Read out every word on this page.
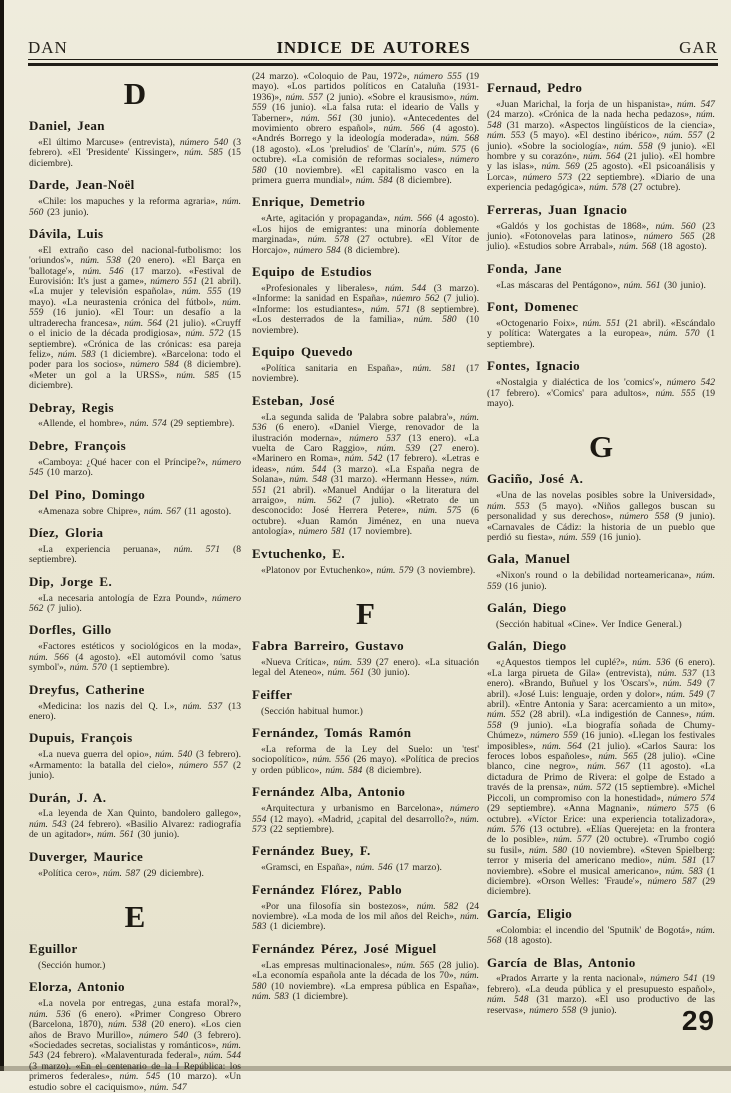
DAN	INDICE DE AUTORES	GAR
D
Daniel, Jean

«El último Marcuse» (entrevista), número 540 (3 febrero). «El 'Presidente' Kissinger», núm. 585 (15 diciembre).

Darde, Jean-Noël

«Chile: los mapuches y la reforma agraria», núm. 560 (23 junio).

Dávila, Luis

«El extraño caso del nacional-futbolismo: los 'oriundos'», núm. 538 (20 enero). «El Barça en 'ballotage'», núm. 546 (17 marzo). «Festival de Eurovisión: It's just a game», número 551 (21 abril). «La mujer y televisión española», núm. 555 (19 mayo). «La neurastenia crónica del fútbol», núm. 559 (16 junio). «El Tour: un desafío a la ultraderecha francesa», núm. 564 (21 julio). «Cruyff o el inicio de la década prodigiosa», núm. 572 (15 septiembre). «Crónica de las crónicas: esa pareja feliz», núm. 583 (1 diciembre). «Barcelona: todo el poder para los socios», número 584 (8 diciembre). «Meter un gol a la URSS», núm. 585 (15 diciembre).

Debray, Regis

«Allende, el hombre», núm. 574 (29 septiembre).

Debre, François

«Camboya: ¿Qué hacer con el Príncipe?», número 545 (10 marzo).

Del Pino, Domingo

«Amenaza sobre Chipre», núm. 567 (11 agosto).

Díez, Gloria

«La experiencia peruana», núm. 571 (8 septiembre).

Dip, Jorge E.

«La necesaria antología de Ezra Pound», número 562 (7 julio).

Dorfles, Gillo

«Factores estéticos y sociológicos en la moda», núm. 566 (4 agosto). «El automóvil como 'satus symbol'», núm. 570 (1 septiembre).

Dreyfus, Catherine

«Medicina: los nazis del Q. I.», núm. 537 (13 enero).

Dupuis, François

«La nueva guerra del opio», núm. 540 (3 febrero). «Armamento: la batalla del cielo», número 557 (2 junio).

Durán, J. A.

«La leyenda de Xan Quinto, bandolero gallego», núm. 543 (24 febrero). «Basilio Alvarez: radiografía de un agitador», núm. 561 (30 junio).

Duverger, Maurice

«Política cero», núm. 587 (29 diciembre).

E
Eguillor

(Sección humor.)

Elorza, Antonio

«La novela por entregas, ¿una estafa moral?», núm. 536 (6 enero). «Primer Congreso Obrero (Barcelona, 1870), núm. 538 (20 enero). «Los cien años de Bravo Murillo», número 540 (3 febrero). «Sociedades secretas, socialistas y románticos», núm. 543 (24 febrero). «Malaventurada federal», núm. 544 (3 marzo). «En el centenario de la I República: los primeros federales», núm. 545 (10 marzo). «Un estudio sobre el caciquismo», núm. 547

(24 marzo). «Coloquio de Pau, 1972», número 555 (19 mayo). «Los partidos políticos en Cataluña (1931-1936)», núm. 557 (2 junio). «Sobre el krausismo», núm. 559 (16 junio). «La falsa ruta: el ideario de Valls y Taberner», núm. 561 (30 junio). «Antecedentes del movimiento obrero español», núm. 566 (4 agosto). «Andrés Borrego y la ideología moderada», núm. 568 (18 agosto). «Los 'preludios' de 'Clarín'», núm. 575 (6 octubre). «La comisión de reformas sociales», número 580 (10 noviembre). «El capitalismo vasco en la primera guerra mundial», núm. 584 (8 diciembre).

Enrique, Demetrio

«Arte, agitación y propaganda», núm. 566 (4 agosto). «Los hijos de emigrantes: una minoría doblemente marginada», núm. 578 (27 octubre). «El Vítor de Horcajo», número 584 (8 diciembre).

Equipo de Estudios

«Profesionales y liberales», núm. 544 (3 marzo). «Informe: la sanidad en España», núemro 562 (7 julio). «Informe: los estudiantes», núm. 571 (8 septiembre). «Los desterrados de la familia», núm. 580 (10 noviembre).

Equipo Quevedo

«Política sanitaria en España», núm. 581 (17 noviembre).

Esteban, José

«La segunda salida de 'Palabra sobre palabra'», núm. 536 (6 enero). «Daniel Vierge, renovador de la ilustración moderna», número 537 (13 enero). «La vuelta de Caro Raggio», núm. 539 (27 enero). «Marinero en Roma», núm. 542 (17 febrero). «Letras e ideas», núm. 544 (3 marzo). «La España negra de Solana», núm. 548 (31 marzo). «Hermann Hesse», núm. 551 (21 abril). «Manuel Andújar o la literatura del arraigo», núm. 562 (7 julio). «Retrato de un desconocido: José Herrera Petere», núm. 575 (6 octubre). «Juan Ramón Jiménez, en una nueva antología», número 581 (17 noviembre).

Evtuchenko, E.

«Platonov por Evtuchenko», núm. 579 (3 noviembre).

F
Fabra Barreiro, Gustavo

«Nueva Crítica», núm. 539 (27 enero). «La situación legal del Ateneo», núm. 561 (30 junio).

Feiffer

(Sección habitual humor.)

Fernández, Tomás Ramón

«La reforma de la Ley del Suelo: un 'test' sociopolítico», núm. 556 (26 mayo). «Política de precios y orden público», núm. 584 (8 diciembre).

Fernández Alba, Antonio

«Arquitectura y urbanismo en Barcelona», número 554 (12 mayo). «Madrid, ¿capital del desarrollo?», núm. 573 (22 septiembre).

Fernández Buey, F.

«Gramsci, en España», núm. 546 (17 marzo).

Fernández Flórez, Pablo

«Por una filosofía sin bostezos», núm. 582 (24 noviembre). «La moda de los mil años del Reich», núm. 583 (1 diciembre).

Fernández Pérez, José Miguel

«Las empresas multinacionales», núm. 565 (28 julio). «La economía española ante la década de los 70», núm. 580 (10 noviembre). «La empresa pública en España», núm. 583 (1 diciembre).

Fernaud, Pedro

«Juan Marichal, la forja de un hispanista», núm. 547 (24 marzo). «Crónica de la nada hecha pedazos», núm. 548 (31 marzo). «Aspectos lingüísticos de la ciencia», núm. 553 (5 mayo). «El destino ibérico», núm. 557 (2 junio). «Sobre la sociología», núm. 558 (9 junio). «El hombre y su corazón», núm. 564 (21 julio). «El hombre y las islas», núm. 569 (25 agosto). «El psicoanálisis y Lorca», número 573 (22 septiembre). «Diario de una experiencia pedagógica», núm. 578 (27 octubre).

Ferreras, Juan Ignacio

«Galdós y los gochistas de 1868», núm. 560 (23 junio). «Fotonovelas para latinos», número 565 (28 julio). «Estudios sobre Arrabal», núm. 568 (18 agosto).

Fonda, Jane

«Las máscaras del Pentágono», núm. 561 (30 junio).

Font, Domenec

«Octogenario Foix», núm. 551 (21 abril). «Escándalo y política: Watergates a la europea», núm. 570 (1 septiembre).

Fontes, Ignacio

«Nostalgia y dialéctica de los 'comics'», número 542 (17 febrero). «'Comics' para adultos», núm. 555 (19 mayo).

G
Gaciño, José A.

«Una de las novelas posibles sobre la Universidad», núm. 553 (5 mayo). «Niños gallegos buscan su personalidad y sus derechos», número 558 (9 junio). «Carnavales de Cádiz: la historia de un pueblo que perdió su fiesta», núm. 559 (16 junio).

Gala, Manuel

«Nixon's round o la debilidad norteamericana», núm. 559 (16 junio).

Galán, Diego

(Sección habitual «Cine». Ver Indice General.)

Galán, Diego

«¿Aquestos tiempos lel cuplé?», núm. 536 (6 enero). «La larga pirueta de Gila» (entrevista), núm. 537 (13 enero). «Brando, Buñuel y los 'Oscars'», núm. 549 (7 abril). «José Luis: lenguaje, orden y dolor», núm. 549 (7 abril). «Entre Antonia y Sara: acercamiento a un mito», núm. 552 (28 abril). «La indigestión de Cannes», núm. 558 (9 junio). «La biografía soñada de Chumy-Chúmez», número 559 (16 junio). «Llegan los festivales imposibles», núm. 564 (21 julio). «Carlos Saura: los feroces lobos españoles», núm. 565 (28 julio). «Cine blanco, cine negro», núm. 567 (11 agosto). «La dictadura de Primo de Rivera: el golpe de Estado a través de la prensa», núm. 572 (15 septiembre). «Michel Piccoli, un compromiso con la honestidad», número 574 (29 septiembre). «Anna Magnani», número 575 (6 octubre). «Víctor Erice: una experiencia totalizadora», núm. 576 (13 octubre). «Elías Querejeta: en la frontera de lo posible», núm. 577 (20 octubre). «Trumbo cogió su fusil», núm. 580 (10 noviembre). «Steven Spielberg: terror y miseria del americano medio», núm. 581 (17 noviembre). «Sobre el musical americano», núm. 583 (1 diciembre). «Orson Welles: 'Fraude'», número 587 (29 diciembre).

García, Eligio

«Colombia: el incendio del 'Sputnik' de Bogotá», núm. 568 (18 agosto).

García de Blas, Antonio

«Prados Arrarte y la renta nacional», número 541 (19 febrero). «La deuda pública y el presupuesto español», núm. 548 (31 marzo). «El uso productivo de las reservas», número 558 (9 junio).	29
